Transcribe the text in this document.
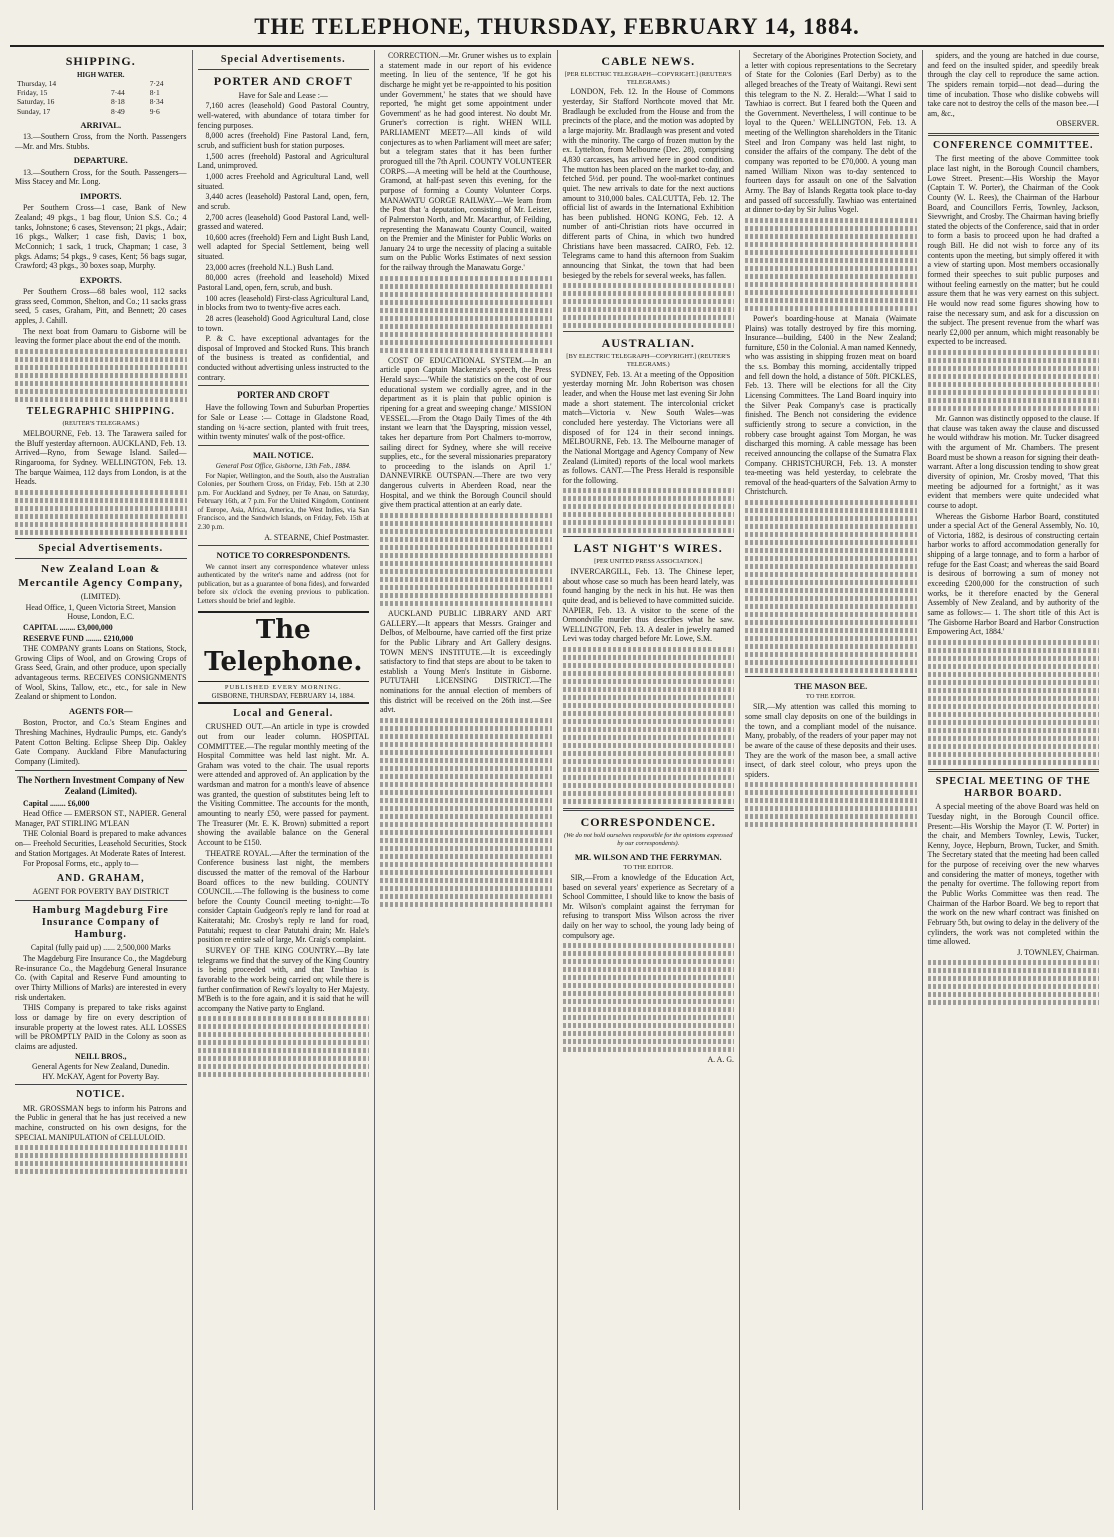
THE TELEPHONE, THURSDAY, FEBRUARY 14, 1884.
SHIPPING.
HIGH WATER.
Thursday, 14		7·24
Friday, 15	7·44	8·1
Saturday, 16	8·18	8·34
Sunday, 17	8·49	9·6
ARRIVAL.

13.—Southern Cross, from the North. Passengers—Mr. and Mrs. Stubbs.

DEPARTURE.

13.—Southern Cross, for the South. Passengers—Miss Stacey and Mr. Long.

IMPORTS.

Per Southern Cross—1 case, Bank of New Zealand; 49 pkgs., 1 bag flour, Union S.S. Co.; 4 tanks, Johnstone; 6 cases, Stevenson; 21 pkgs., Adair; 16 pkgs., Walker; 1 case fish, Davis; 1 box, McConnich; 1 sack, 1 truck, Chapman; 1 case, 3 pkgs. Adams; 54 pkgs., 9 cases, Kent; 56 bags sugar, Crawford; 43 pkgs., 30 boxes soap, Murphy.

EXPORTS.

Per Southern Cross—68 bales wool, 112 sacks grass seed, Common, Shelton, and Co.; 11 sacks grass seed, 5 cases, Graham, Pitt, and Bennett; 20 cases apples, J. Cahill.

The next boat from Oamaru to Gisborne will be leaving the former place about the end of the month.

TELEGRAPHIC SHIPPING.
(REUTER'S TELEGRAMS.)

MELBOURNE, Feb. 13. The Tarawera sailed for the Bluff yesterday afternoon. AUCKLAND, Feb. 13. Arrived—Ryno, from Sewage Island. Sailed—Ringarooma, for Sydney. WELLINGTON, Feb. 13. The barque Waimea, 112 days from London, is at the Heads.

Special Advertisements.
New Zealand Loan & Mercantile Agency Company,
(LIMITED).

Head Office, 1, Queen Victoria Street, Mansion House, London, E.C.

CAPITAL ........ £3,000,000

RESERVE FUND ........ £210,000

THE COMPANY grants Loans on Stations, Stock, Growing Clips of Wool, and on Growing Crops of Grass Seed, Grain, and other produce, upon specially advantageous terms. RECEIVES CONSIGNMENTS of Wool, Skins, Tallow, etc., etc., for sale in New Zealand or shipment to London.

AGENTS FOR—

Boston, Proctor, and Co.'s Steam Engines and Threshing Machines, Hydraulic Pumps, etc. Gandy's Patent Cotton Belting. Eclipse Sheep Dip. Oakley Gate Company. Auckland Fibre Manufacturing Company (Limited).

The Northern Investment Company of New Zealand (Limited).

Capital ........ £6,000

Head Office — EMERSON ST., NAPIER. General Manager, PAT STIRLING M'LEAN

THE Colonial Board is prepared to make advances on— Freehold Securities, Leasehold Securities, Stock and Station Mortgages. At Moderate Rates of Interest.

For Proposal Forms, etc., apply to—

AND. GRAHAM,
AGENT FOR POVERTY BAY DISTRICT
Hamburg Magdeburg Fire Insurance Company of Hamburg.

Capital (fully paid up) ...... 2,500,000 Marks

The Magdeburg Fire Insurance Co., the Magdeburg Re-insurance Co., the Magdeburg General Insurance Co. (with Capital and Reserve Fund amounting to over Thirty Millions of Marks) are interested in every risk undertaken.

THIS Company is prepared to take risks against loss or damage by fire on every description of insurable property at the lowest rates. ALL LOSSES will be PROMPTLY PAID in the Colony as soon as claims are adjusted.

NEILL BROS.,
General Agents for New Zealand, Dunedin.
HY. McKAY, Agent for Poverty Bay.
NOTICE.

MR. GROSSMAN begs to inform his Patrons and the Public in general that he has just received a new machine, constructed on his own designs, for the SPECIAL MANIPULATION of CELLULOID.

Special Advertisements.
PORTER AND CROFT
Have for Sale and Lease :—

7,160 acres (leasehold) Good Pastoral Country, well-watered, with abundance of totara timber for fencing purposes.

8,000 acres (freehold) Fine Pastoral Land, fern, scrub, and sufficient bush for station purposes.

1,500 acres (freehold) Pastoral and Agricultural Land, unimproved.

1,000 acres Freehold and Agricultural Land, well situated.

3,440 acres (leasehold) Pastoral Land, open, fern, and scrub.

2,700 acres (leasehold) Good Pastoral Land, well-grassed and watered.

10,600 acres (freehold) Fern and Light Bush Land, well adapted for Special Settlement, being well situated.

23,000 acres (freehold N.L.) Bush Land.

80,000 acres (freehold and leasehold) Mixed Pastoral Land, open, fern, scrub, and bush.

100 acres (leasehold) First-class Agricultural Land, in blocks from two to twenty-five acres each.

28 acres (leasehold) Good Agricultural Land, close to town.

P. & C. have exceptional advantages for the disposal of Improved and Stocked Runs. This branch of the business is treated as confidential, and conducted without advertising unless instructed to the contrary.

PORTER AND CROFT

Have the following Town and Suburban Properties for Sale or Lease :— Cottage in Gladstone Road, standing on ¼-acre section, planted with fruit trees, within twenty minutes' walk of the post-office.

MAIL NOTICE.
General Post Office, Gisborne, 13th Feb., 1884.

For Napier, Wellington, and the South, also the Australian Colonies, per Southern Cross, on Friday, Feb. 15th at 2.30 p.m. For Auckland and Sydney, per Te Anau, on Saturday, February 16th, at 7 p.m. For the United Kingdom, Continent of Europe, Asia, Africa, America, the West Indies, via San Francisco, and the Sandwich Islands, on Friday, Feb. 15th at 2.30 p.m.

A. STEARNE, Chief Postmaster.

NOTICE TO CORRESPONDENTS.

We cannot insert any correspondence whatever unless authenticated by the writer's name and address (not for publication, but as a guarantee of bona fides), and forwarded before six o'clock the evening previous to publication. Letters should be brief and legible.

The Telephone.
PUBLISHED EVERY MORNING.
GISBORNE, THURSDAY, FEBRUARY 14, 1884.
Local and General.

CRUSHED OUT.—An article in type is crowded out from our leader column. HOSPITAL COMMITTEE.—The regular monthly meeting of the Hospital Committee was held last night. Mr. A. Graham was voted to the chair. The usual reports were attended and approved of. An application by the wardsman and matron for a month's leave of absence was granted, the question of substitutes being left to the Visiting Committee. The accounts for the month, amounting to nearly £50, were passed for payment. The Treasurer (Mr. E. K. Brown) submitted a report showing the available balance on the General Account to be £150.

THEATRE ROYAL.—After the termination of the Conference business last night, the members discussed the matter of the removal of the Harbour Board offices to the new building. COUNTY COUNCIL.—The following is the business to come before the County Council meeting to-night:—To consider Captain Gudgeon's reply re land for road at Kaiteratahi; Mr. Crosby's reply re land for road, Patutahi; request to clear Patutahi drain; Mr. Hale's position re entire sale of large, Mr. Craig's complaint.

SURVEY OF THE KING COUNTRY.—By late telegrams we find that the survey of the King Country is being proceeded with, and that Tawhiao is favorable to the work being carried on; while there is further confirmation of Rewi's loyalty to Her Majesty. M'Beth is to the fore again, and it is said that he will accompany the Native party to England.

CORRECTION.—Mr. Gruner wishes us to explain a statement made in our report of his evidence meeting. In lieu of the sentence, 'If he got his discharge he might yet be re-appointed to his position under Government,' he states that we should have reported, 'he might get some appointment under Government' as he had good interest. No doubt Mr. Gruner's correction is right. WHEN WILL PARLIAMENT MEET?—All kinds of wild conjectures as to when Parliament will meet are safer; but a telegram states that it has been further prorogued till the 7th April. COUNTY VOLUNTEER CORPS.—A meeting will be held at the Courthouse, Gramond, at half-past seven this evening, for the purpose of forming a County Volunteer Corps. MANAWATU GORGE RAILWAY.—We learn from the Post that 'a deputation, consisting of Mr. Leister, of Palmerston North, and Mr. Macarthur, of Feilding, representing the Manawatu County Council, waited on the Premier and the Minister for Public Works on January 24 to urge the necessity of placing a suitable sum on the Public Works Estimates of next session for the railway through the Manawatu Gorge.'

COST OF EDUCATIONAL SYSTEM.—In an article upon Captain Mackenzie's speech, the Press Herald says:—'While the statistics on the cost of our educational system we cordially agree, and in the department as it is plain that public opinion is ripening for a great and sweeping change.' MISSION VESSEL.—From the Otago Daily Times of the 4th instant we learn that 'the Dayspring, mission vessel, takes her departure from Port Chalmers to-morrow, sailing direct for Sydney, where she will receive supplies, etc., for the several missionaries preparatory to proceeding to the islands on April 1.' DANNEVIRKE OUTSPAN.—There are two very dangerous culverts in Aberdeen Road, near the Hospital, and we think the Borough Council should give them practical attention at an early date.

AUCKLAND PUBLIC LIBRARY AND ART GALLERY.—It appears that Messrs. Grainger and Delbos, of Melbourne, have carried off the first prize for the Public Library and Art Gallery designs. TOWN MEN'S INSTITUTE.—It is exceedingly satisfactory to find that steps are about to be taken to establish a Young Men's Institute in Gisborne. PUTUTAHI LICENSING DISTRICT.—The nominations for the annual election of members of this district will be received on the 26th inst.—See advt.

CABLE NEWS.
[PER ELECTRIC TELEGRAPH—COPYRIGHT.] (REUTER'S TELEGRAMS.)

LONDON, Feb. 12. In the House of Commons yesterday, Sir Stafford Northcote moved that Mr. Bradlaugh be excluded from the House and from the precincts of the place, and the motion was adopted by a large majority. Mr. Bradlaugh was present and voted with the minority. The cargo of frozen mutton by the ex. Lyttelton, from Melbourne (Dec. 28), comprising 4,830 carcasses, has arrived here in good condition. The mutton has been placed on the market to-day, and fetched 5½d. per pound. The wool-market continues quiet. The new arrivals to date for the next auctions amount to 310,000 bales. CALCUTTA, Feb. 12. The official list of awards in the International Exhibition has been published. HONG KONG, Feb. 12. A number of anti-Christian riots have occurred in different parts of China, in which two hundred Christians have been massacred. CAIRO, Feb. 12. Telegrams came to hand this afternoon from Suakim announcing that Sinkat, the town that had been besieged by the rebels for several weeks, has fallen.

AUSTRALIAN.
[BY ELECTRIC TELEGRAPH—COPYRIGHT.] (REUTER'S TELEGRAMS.)

SYDNEY, Feb. 13. At a meeting of the Opposition yesterday morning Mr. John Robertson was chosen leader, and when the House met last evening Sir John made a short statement. The intercolonial cricket match—Victoria v. New South Wales—was concluded here yesterday. The Victorians were all disposed of for 124 in their second innings. MELBOURNE, Feb. 13. The Melbourne manager of the National Mortgage and Agency Company of New Zealand (Limited) reports of the local wool markets as follows. CANT.—The Press Herald is responsible for the following.

LAST NIGHT'S WIRES.
[PER UNITED PRESS ASSOCIATION.]

INVERCARGILL, Feb. 13. The Chinese leper, about whose case so much has been heard lately, was found hanging by the neck in his hut. He was then quite dead, and is believed to have committed suicide. NAPIER, Feb. 13. A visitor to the scene of the Ormondville murder thus describes what he saw. WELLINGTON, Feb. 13. A dealer in jewelry named Levi was today charged before Mr. Lowe, S.M.

CORRESPONDENCE.
(We do not hold ourselves responsible for the opinions expressed by our correspondents).
MR. WILSON AND THE FERRYMAN.
TO THE EDITOR.

SIR,—From a knowledge of the Education Act, based on several years' experience as Secretary of a School Committee, I should like to know the basis of Mr. Wilson's complaint against the ferryman for refusing to transport Miss Wilson across the river daily on her way to school, the young lady being of compulsory age.

A. A. G.

Secretary of the Aborigines Protection Society, and a letter with copious representations to the Secretary of State for the Colonies (Earl Derby) as to the alleged breaches of the Treaty of Waitangi. Rewi sent this telegram to the N. Z. Herald:—'What I said to Tawhiao is correct. But I feared both the Queen and the Government. Nevertheless, I will continue to be loyal to the Queen.' WELLINGTON, Feb. 13. A meeting of the Wellington shareholders in the Titanic Steel and Iron Company was held last night, to consider the affairs of the company. The debt of the company was reported to be £70,000. A young man named William Nixon was to-day sentenced to fourteen days for assault on one of the Salvation Army. The Bay of Islands Regatta took place to-day and passed off successfully. Tawhiao was entertained at dinner to-day by Sir Julius Vogel.

Power's boarding-house at Manaia (Waimate Plains) was totally destroyed by fire this morning. Insurance—building, £400 in the New Zealand; furniture, £50 in the Colonial. A man named Kennedy, who was assisting in shipping frozen meat on board the s.s. Bombay this morning, accidentally tripped and fell down the hold, a distance of 50ft. PICKLES, Feb. 13. There will be elections for all the City Licensing Committees. The Land Board inquiry into the Silver Peak Company's case is practically finished. The Bench not considering the evidence sufficiently strong to secure a conviction, in the robbery case brought against Tom Morgan, he was discharged this morning. A cable message has been received announcing the collapse of the Sumatra Flax Company. CHRISTCHURCH, Feb. 13. A monster tea-meeting was held yesterday, to celebrate the removal of the head-quarters of the Salvation Army to Christchurch.

THE MASON BEE.
TO THE EDITOR.

SIR,—My attention was called this morning to some small clay deposits on one of the buildings in the town, and a compliant model of the nuisance. Many, probably, of the readers of your paper may not be aware of the cause of these deposits and their uses. They are the work of the mason bee, a small active insect, of dark steel colour, who preys upon the spiders.

spiders, and the young are hatched in due course, and feed on the insulted spider, and speedily break through the clay cell to reproduce the same action. The spiders remain torpid—not dead—during the time of incubation. Those who dislike cobwebs will take care not to destroy the cells of the mason bee.—I am, &c.,

OBSERVER.

CONFERENCE COMMITTEE.

The first meeting of the above Committee took place last night, in the Borough Council chambers, Lowe Street. Present:—His Worship the Mayor (Captain T. W. Porter), the Chairman of the Cook County (W. L. Rees), the Chairman of the Harbour Board, and Councillors Ferris, Townley, Jackson, Sievwright, and Crosby. The Chairman having briefly stated the objects of the Conference, said that in order to form a basis to proceed upon he had drafted a rough Bill. He did not wish to force any of its contents upon the meeting, but simply offered it with a view of starting upon. Most members occasionally formed their speeches to suit public purposes and without feeling earnestly on the matter; but he could assure them that he was very earnest on this subject. He would now read some figures showing how to raise the necessary sum, and ask for a discussion on the subject. The present revenue from the wharf was nearly £2,000 per annum, which might reasonably be expected to be increased.

Mr. Gannon was distinctly opposed to the clause. If that clause was taken away the clause and discussed he would withdraw his motion. Mr. Tucker disagreed with the argument of Mr. Chambers. The present Board must be shown a reason for signing their death-warrant. After a long discussion tending to show great diversity of opinion, Mr. Crosby moved, 'That this meeting be adjourned for a fortnight,' as it was evident that members were quite undecided what course to adopt.

Whereas the Gisborne Harbor Board, constituted under a special Act of the General Assembly, No. 10, of Victoria, 1882, is desirous of constructing certain harbor works to afford accommodation generally for shipping of a large tonnage, and to form a harbor of refuge for the East Coast; and whereas the said Board is desirous of borrowing a sum of money not exceeding £200,000 for the construction of such works, be it therefore enacted by the General Assembly of New Zealand, and by authority of the same as follows:— 1. The short title of this Act is 'The Gisborne Harbor Board and Harbor Construction Empowering Act, 1884.'

SPECIAL MEETING OF THE HARBOR BOARD.

A special meeting of the above Board was held on Tuesday night, in the Borough Council office. Present:—His Worship the Mayor (T. W. Porter) in the chair, and Members Townley, Lewis, Tucker, Kenny, Joyce, Hepburn, Brown, Tucker, and Smith. The Secretary stated that the meeting had been called for the purpose of receiving over the new wharves and considering the matter of moneys, together with the penalty for overtime. The following report from the Public Works Committee was then read. The Chairman of the Harbor Board. We beg to report that the work on the new wharf contract was finished on February 5th, but owing to delay in the delivery of the cylinders, the work was not completed within the time allowed.

J. TOWNLEY, Chairman.
